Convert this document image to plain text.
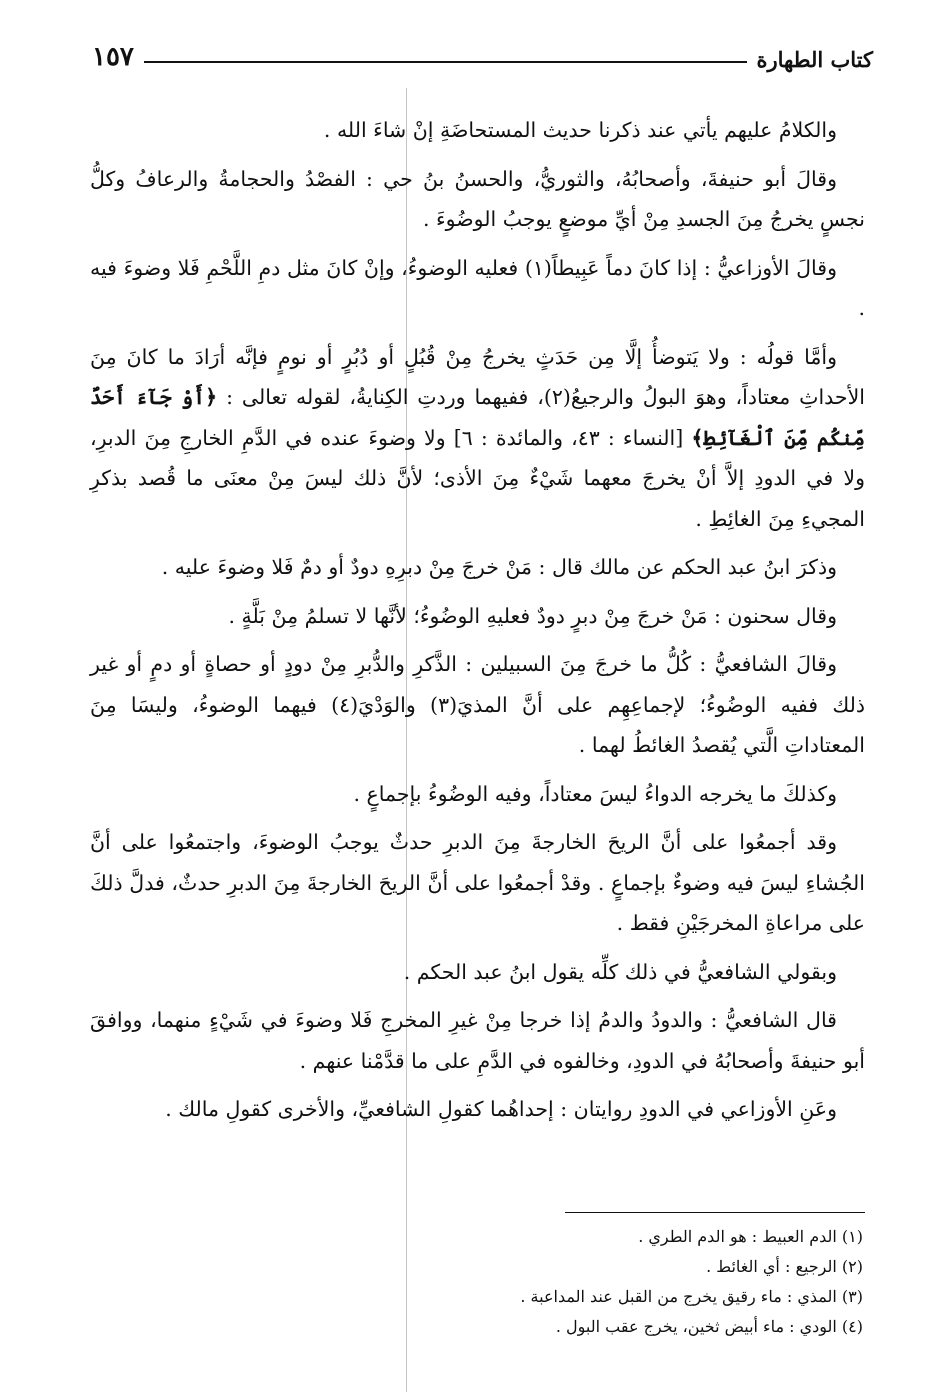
كتاب الطهارة
١٥٧

والكلامُ عليهم يأتي عند ذكرنا حديث المستحاضَةِ إنْ شاءَ الله .

وقالَ أبو حنيفةَ، وأصحابُهُ، والثوريُّ، والحسنُ بنُ حي : الفصْدُ والحجامةُ والرعافُ وكلُّ نجسٍ يخرجُ مِنَ الجسدِ مِنْ أيِّ موضعٍ يوجبُ الوضُوءَ .

وقالَ الأوزاعيُّ : إذا كانَ دماً عَبِيطاً(١) فعليه الوضوءُ، وإنْ كانَ مثل دمِ اللَّحْمِ فَلا وضوءَ فيه .

وأمَّا قولُه : ولا يَتوضأُ إلَّا مِن حَدَثٍ يخرجُ مِنْ قُبُلٍ أو دُبُرٍ أو نومٍ فإنَّه أرَادَ ما كانَ مِنَ الأحداثِ معتاداً، وهوَ البولُ والرجيعُ(٢)، ففيهما وردتِ الكِنايةُ، لقوله تعالى : ﴿أَوْ جَآءَ أَحَدٌ مِّنكُم مِّنَ ٱلْغَآئِطِ﴾ [النساء : ٤٣، والمائدة : ٦] ولا وضوءَ عنده في الدَّمِ الخارجِ مِنَ الدبرِ، ولا في الدودِ إلاَّ أنْ يخرجَ معهما شَيْءٌ مِنَ الأذى؛ لأنَّ ذلك ليسَ مِنْ معنَى ما قُصد بذكرِ المجيءِ مِنَ الغائِطِ .

وذكرَ ابنُ عبد الحكم عن مالك قال : مَنْ خرجَ مِنْ دبرِهِ دودٌ أو دمٌ فَلا وضوءَ عليه .

وقال سحنون : مَنْ خرجَ مِنْ دبرٍ دودٌ فعليهِ الوضُوءُ؛ لأنَّها لا تسلمُ مِنْ بَلَّةٍ .

وقالَ الشافعيُّ : كُلُّ ما خرجَ مِنَ السبيلين : الذَّكرِ والدُّبرِ مِنْ دودٍ أو حصاةٍ أو دمٍ أو غير ذلك ففيه الوضُوءُ؛ لإجماعِهِم على أنَّ المذيَ(٣) والوَدْيَ(٤) فيهما الوضوءُ، وليسَا مِنَ المعتاداتِ الَّتي يُقصدُ الغائطُ لهما .

وكذلكَ ما يخرجه الدواءُ ليسَ معتاداً، وفيه الوضُوءُ بإجماعٍ .

وقد أجمعُوا على أنَّ الريحَ الخارجةَ مِنَ الدبرِ حدثٌ يوجبُ الوضوءَ، واجتمعُوا على أنَّ الجُشاءِ ليسَ فيه وضوءٌ بإجماعٍ . وقدْ أجمعُوا على أنَّ الريحَ الخارجةَ مِنَ الدبرِ حدثٌ، فدلَّ ذلكَ على مراعاةِ المخرجَيْنِ فقط .

وبقولي الشافعيُّ في ذلك كلِّه يقول ابنُ عبد الحكم .

قال الشافعيُّ : والدودُ والدمُ إذا خرجا مِنْ غيرِ المخرجِ فَلا وضوءَ في شَيْءٍ منهما، ووافقَ أبو حنيفةَ وأصحابُهُ في الدودِ، وخالفوه في الدَّمِ على ما قدَّمْنا عنهم .

وعَنِ الأوزاعي في الدودِ روايتان : إحداهُما كقولِ الشافعيِّ، والأخرى كقولِ مالك .

(١) الدم العبيط : هو الدم الطري .
(٢) الرجيع : أي الغائط .
(٣) المذي : ماء رقيق يخرج من القبل عند المداعبة .
(٤) الودي : ماء أبيض ثخين، يخرج عقب البول .
